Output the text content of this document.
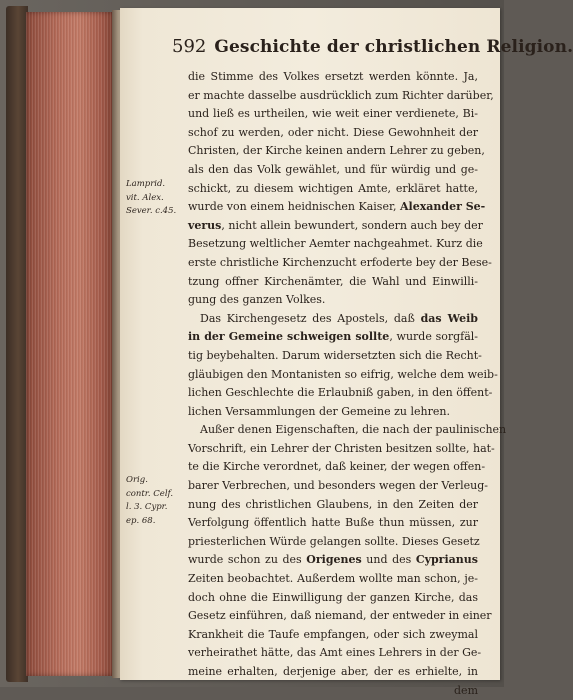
592 Geschichte der christlichen Religion.
Lamprid.
vit. Alex.
Sever. c.45.
Orig.
contr. Celf.
l. 3. Cypr.
ep. 68.
die Stimme des Volkes ersetzt werden könnte. Ja,
er machte dasselbe ausdrücklich zum Richter darüber,
und ließ es urtheilen, wie weit einer verdienete, Bi-
schof zu werden, oder nicht. Diese Gewohnheit der
Christen, der Kirche keinen andern Lehrer zu geben,
als den das Volk gewählet, und für würdig und ge-
schickt, zu diesem wichtigen Amte, erkläret hatte,
wurde von einem heidnischen Kaiser, Alexander Se-
verus, nicht allein bewundert, sondern auch bey der
Besetzung weltlicher Aemter nachgeahmet. Kurz die
erste christliche Kirchenzucht erfoderte bey der Bese-
tzung offner Kirchenämter, die Wahl und Einwilli-
gung des ganzen Volkes.
Das Kirchengesetz des Apostels, daß das Weib
in der Gemeine schweigen sollte, wurde sorgfäl-
tig beybehalten. Darum widersetzten sich die Recht-
gläubigen den Montanisten so eifrig, welche dem weib-
lichen Geschlechte die Erlaubniß gaben, in den öffent-
lichen Versammlungen der Gemeine zu lehren.
Außer denen Eigenschaften, die nach der paulinischen
Vorschrift, ein Lehrer der Christen besitzen sollte, hat-
te die Kirche verordnet, daß keiner, der wegen offen-
barer Verbrechen, und besonders wegen der Verleug-
nung des christlichen Glaubens, in den Zeiten der
Verfolgung öffentlich hatte Buße thun müssen, zur
priesterlichen Würde gelangen sollte. Dieses Gesetz
wurde schon zu des Origenes und des Cyprianus
Zeiten beobachtet. Außerdem wollte man schon, je-
doch ohne die Einwilligung der ganzen Kirche, das
Gesetz einführen, daß niemand, der entweder in einer
Krankheit die Taufe empfangen, oder sich zweymal
verheirathet hätte, das Amt eines Lehrers in der Ge-
meine erhalten, derjenige aber, der es erhielte, in
dem
